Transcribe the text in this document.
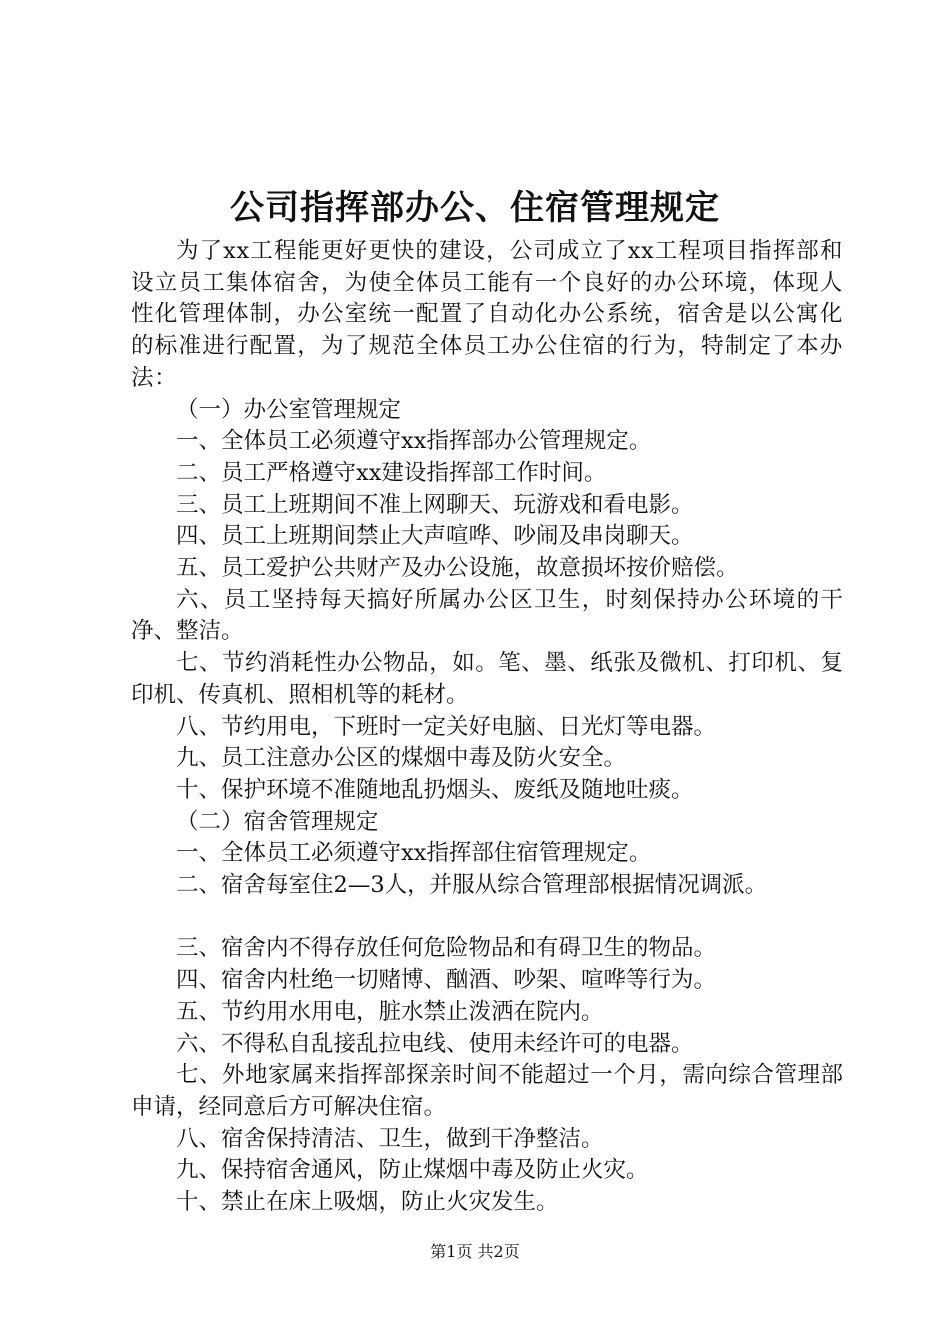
公司指挥部办公、住宿管理规定

为了xx工程能更好更快的建设，公司成立了xx工程项目指挥部和设立员工集体宿舍，为使全体员工能有一个良好的办公环境，体现人性化管理体制，办公室统一配置了自动化办公系统，宿舍是以公寓化的标准进行配置，为了规范全体员工办公住宿的行为，特制定了本办法：

（一）办公室管理规定

一、全体员工必须遵守xx指挥部办公管理规定。

二、员工严格遵守xx建设指挥部工作时间。

三、员工上班期间不准上网聊天、玩游戏和看电影。

四、员工上班期间禁止大声喧哗、吵闹及串岗聊天。

五、员工爱护公共财产及办公设施，故意损坏按价赔偿。

六、员工坚持每天搞好所属办公区卫生，时刻保持办公环境的干净、整洁。

七、节约消耗性办公物品，如。笔、墨、纸张及微机、打印机、复印机、传真机、照相机等的耗材。

八、节约用电，下班时一定关好电脑、日光灯等电器。

九、员工注意办公区的煤烟中毒及防火安全。

十、保护环境不准随地乱扔烟头、废纸及随地吐痰。

（二）宿舍管理规定

一、全体员工必须遵守xx指挥部住宿管理规定。

二、宿舍每室住2—3人，并服从综合管理部根据情况调派。

三、宿舍内不得存放任何危险物品和有碍卫生的物品。

四、宿舍内杜绝一切赌博、酗酒、吵架、喧哗等行为。

五、节约用水用电，脏水禁止泼洒在院内。

六、不得私自乱接乱拉电线、使用未经许可的电器。

七、外地家属来指挥部探亲时间不能超过一个月，需向综合管理部申请，经同意后方可解决住宿。

八、宿舍保持清洁、卫生，做到干净整洁。

九、保持宿舍通风，防止煤烟中毒及防止火灾。

十、禁止在床上吸烟，防止火灾发生。

第1页 共2页
